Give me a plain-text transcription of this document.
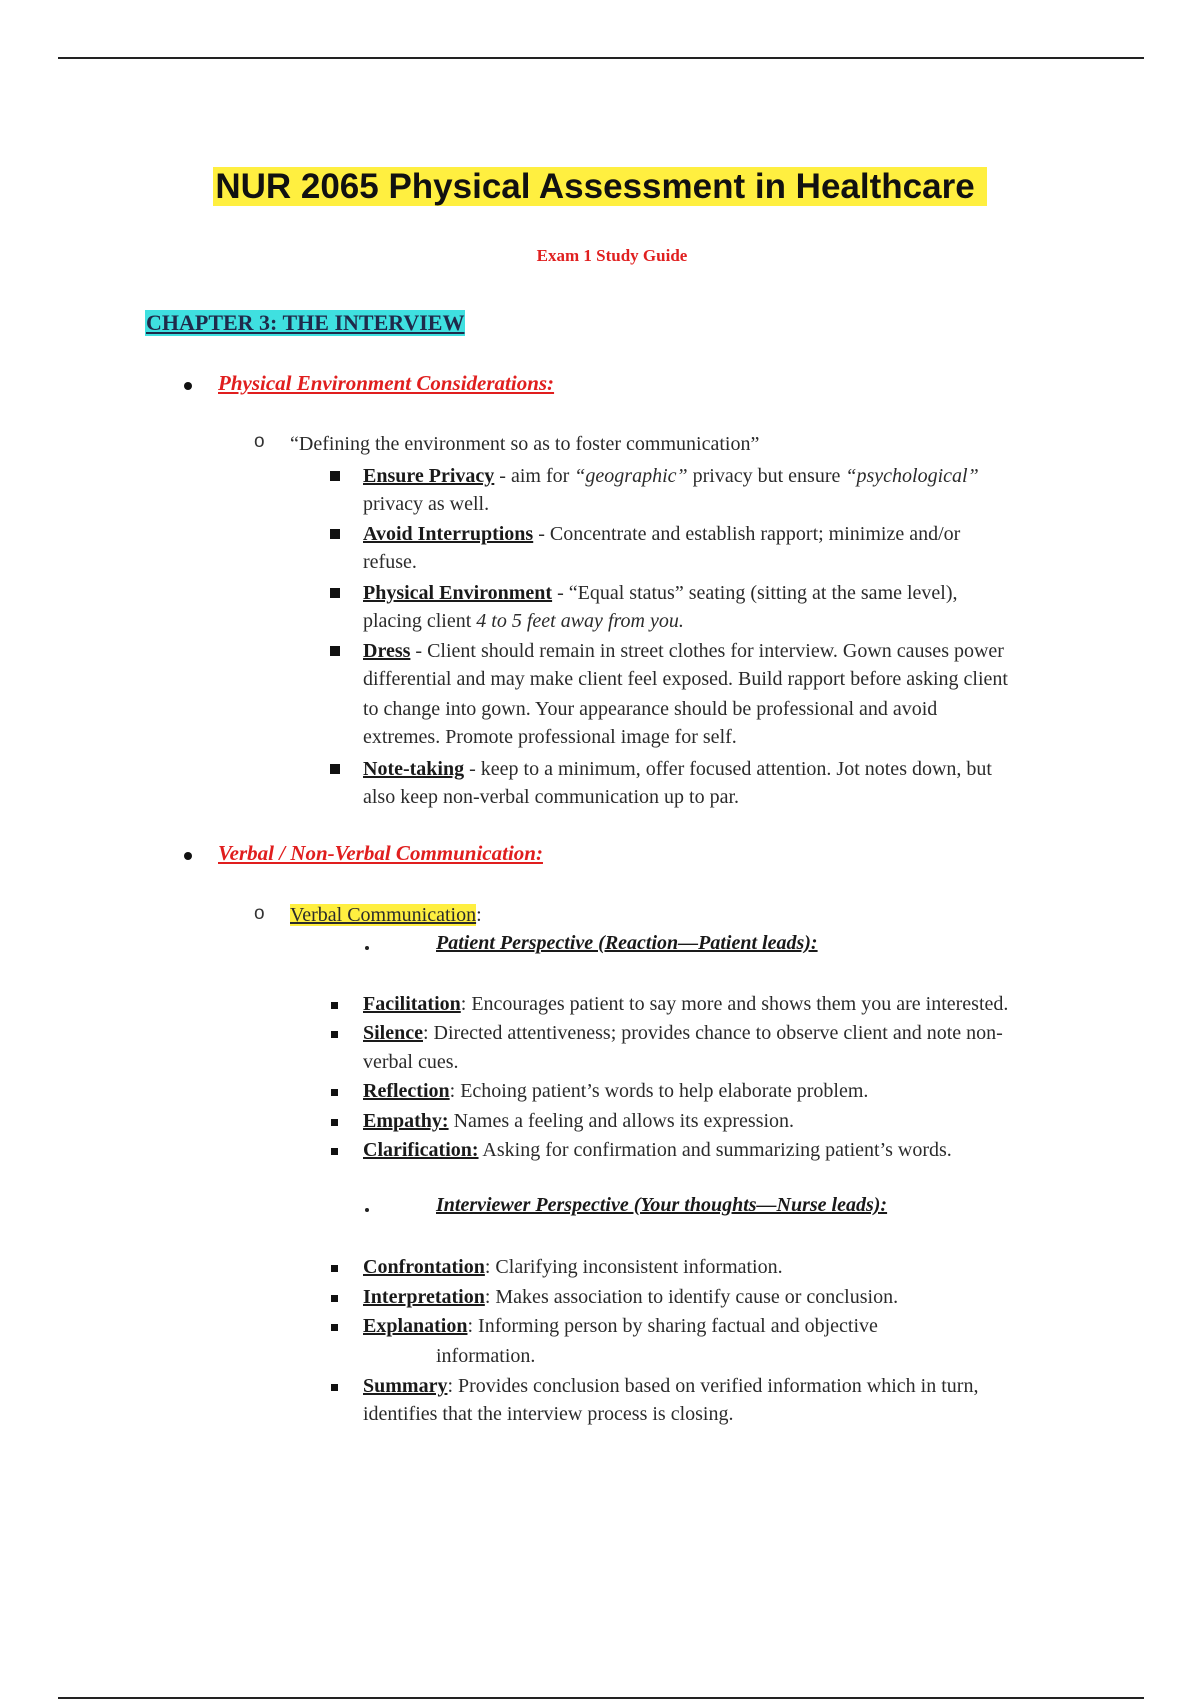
NUR 2065 Physical Assessment in Healthcare
Exam 1 Study Guide
CHAPTER 3: THE INTERVIEW
Physical Environment Considerations:
o “Defining the environment so as to foster communication”
Ensure Privacy - aim for “geographic” privacy but ensure “psychological”
privacy as well.
Avoid Interruptions - Concentrate and establish rapport; minimize and/or
refuse.
Physical Environment - “Equal status” seating (sitting at the same level),
placing client 4 to 5 feet away from you.
Dress - Client should remain in street clothes for interview. Gown causes power
differential and may make client feel exposed. Build rapport before asking client
to change into gown. Your appearance should be professional and avoid
extremes. Promote professional image for self.
Note-taking - keep to a minimum, offer focused attention. Jot notes down, but
also keep non-verbal communication up to par.
Verbal / Non-Verbal Communication:
o Verbal Communication:
Patient Perspective (Reaction—Patient leads):
Facilitation: Encourages patient to say more and shows them you are interested.
Silence: Directed attentiveness; provides chance to observe client and note non-
verbal cues.
Reflection: Echoing patient’s words to help elaborate problem.
Empathy: Names a feeling and allows its expression.
Clarification: Asking for confirmation and summarizing patient’s words.
Interviewer Perspective (Your thoughts—Nurse leads):
Confrontation: Clarifying inconsistent information.
Interpretation: Makes association to identify cause or conclusion.
Explanation: Informing person by sharing factual and objective
information.
Summary: Provides conclusion based on verified information which in turn,
identifies that the interview process is closing.
